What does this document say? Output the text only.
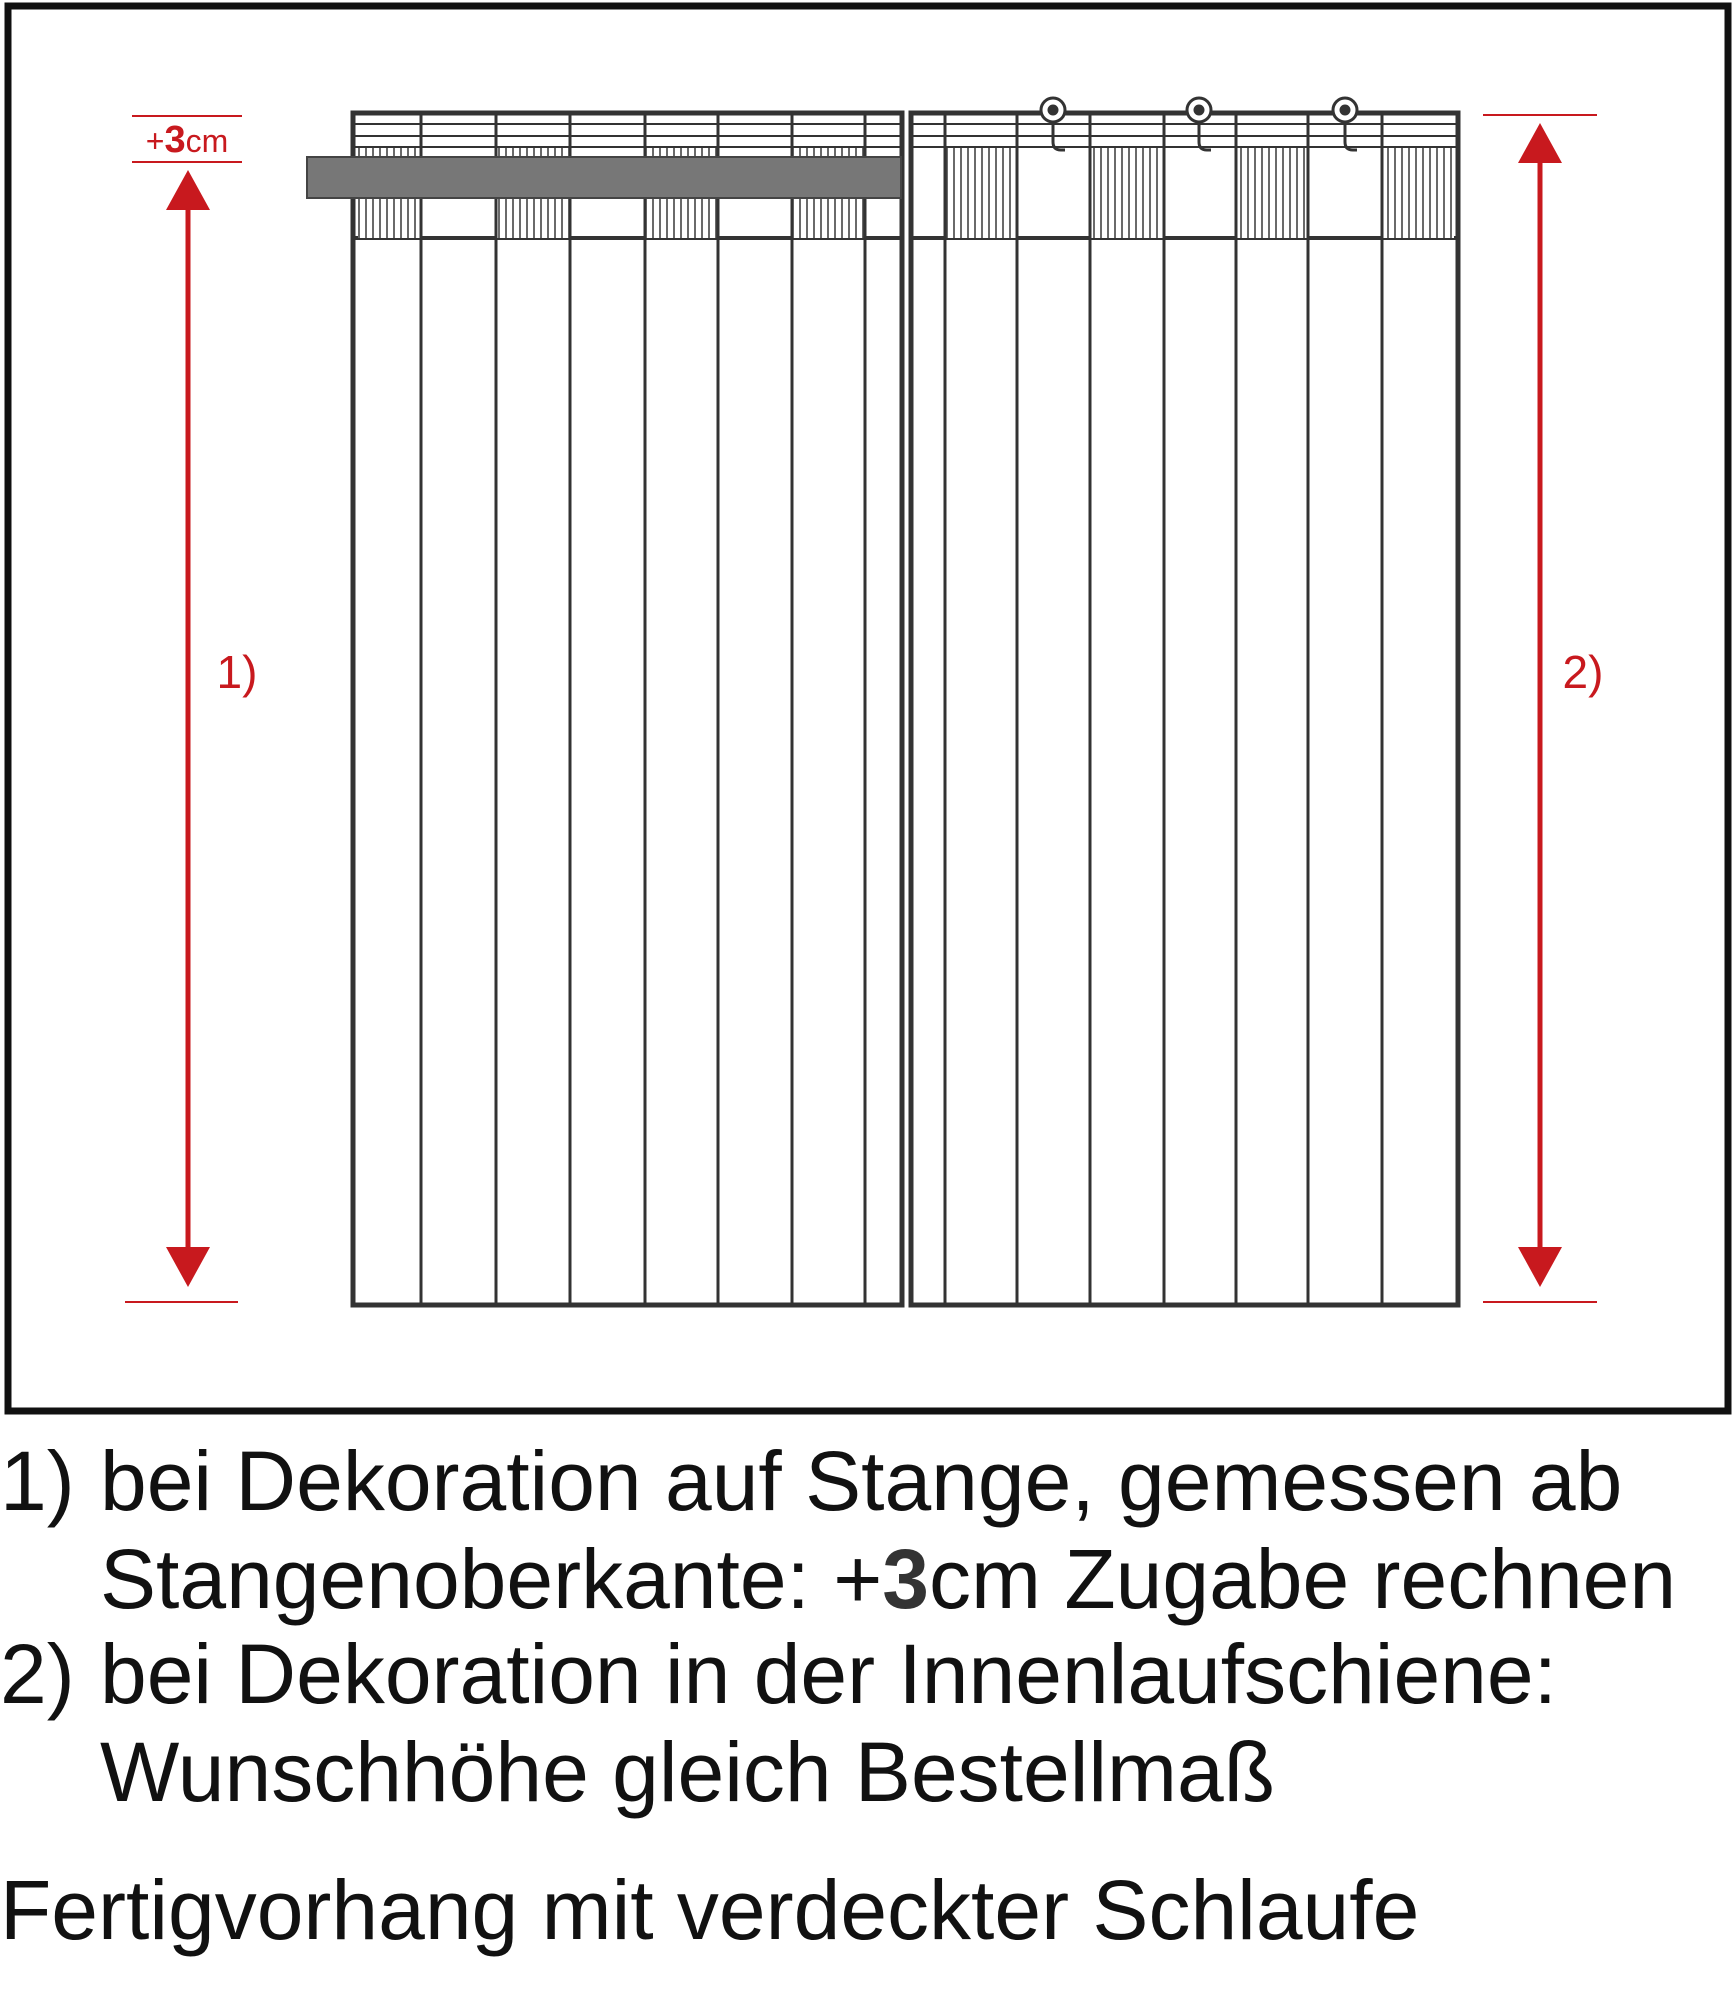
+3cm
1)	2)
1) bei Dekoration auf Stange, gemessen ab
Stangenoberkante: +3cm Zugabe rechnen
2) bei Dekoration in der Innenlaufschiene:
Wunschhöhe gleich Bestellmaß
Fertigvorhang mit verdeckter Schlaufe
